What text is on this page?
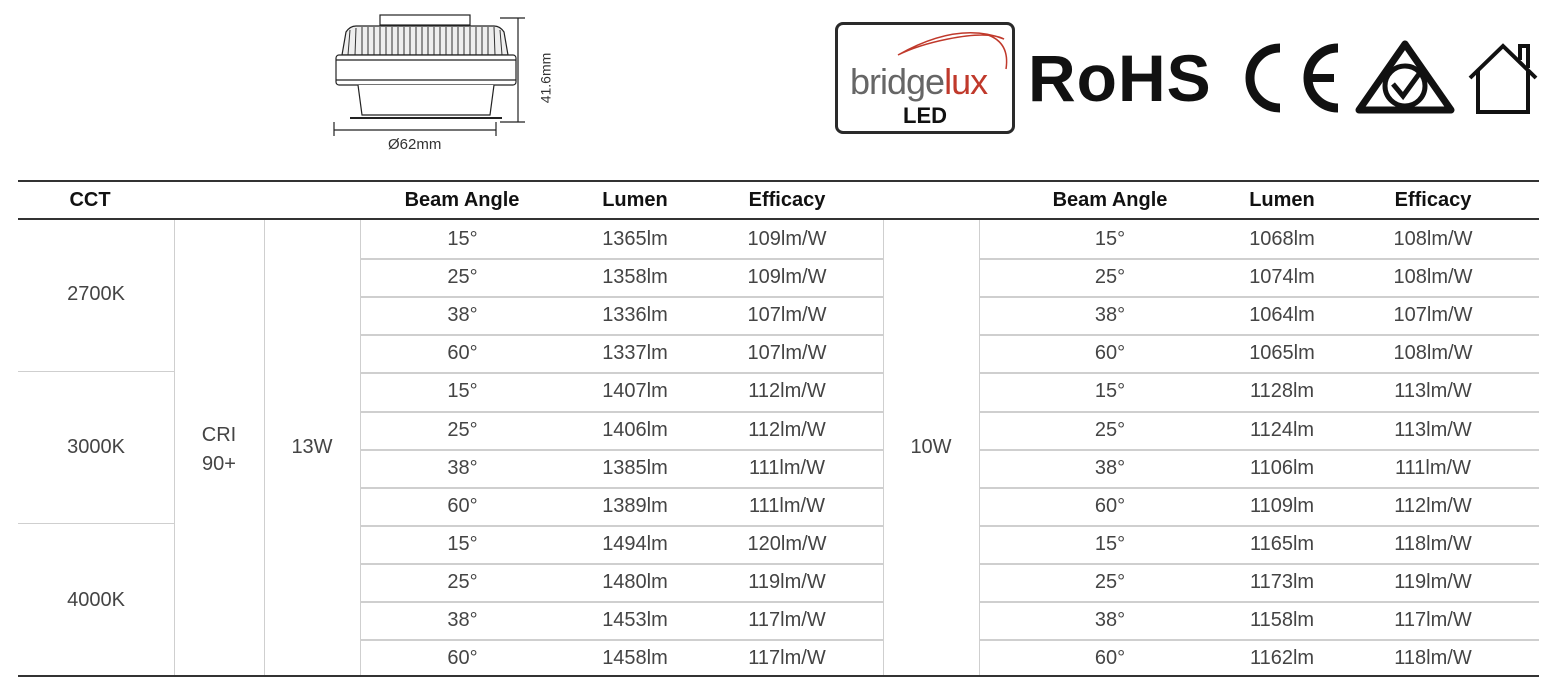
Ø62mm
41.6mm	bridgelux
LED
RoHS
CCT	Beam Angle	Lumen	Efficacy	Beam Angle	Lumen	Efficacy
2700K
3000K
4000K
CRI
90+
13W	10W
15°	1365lm	109lm/W	15°	1068lm	108lm/W
25°	1358lm	109lm/W	25°	1074lm	108lm/W
38°	1336lm	107lm/W	38°	1064lm	107lm/W
60°	1337lm	107lm/W	60°	1065lm	108lm/W
15°	1407lm	112lm/W	15°	1128lm	113lm/W
25°	1406lm	112lm/W	25°	1124lm	113lm/W
38°	1385lm	111lm/W	38°	1106lm	111lm/W
60°	1389lm	111lm/W	60°	1109lm	112lm/W
15°	1494lm	120lm/W	15°	1165lm	118lm/W
25°	1480lm	119lm/W	25°	1173lm	119lm/W
38°	1453lm	117lm/W	38°	1158lm	117lm/W
60°	1458lm	117lm/W	60°	1162lm	118lm/W
